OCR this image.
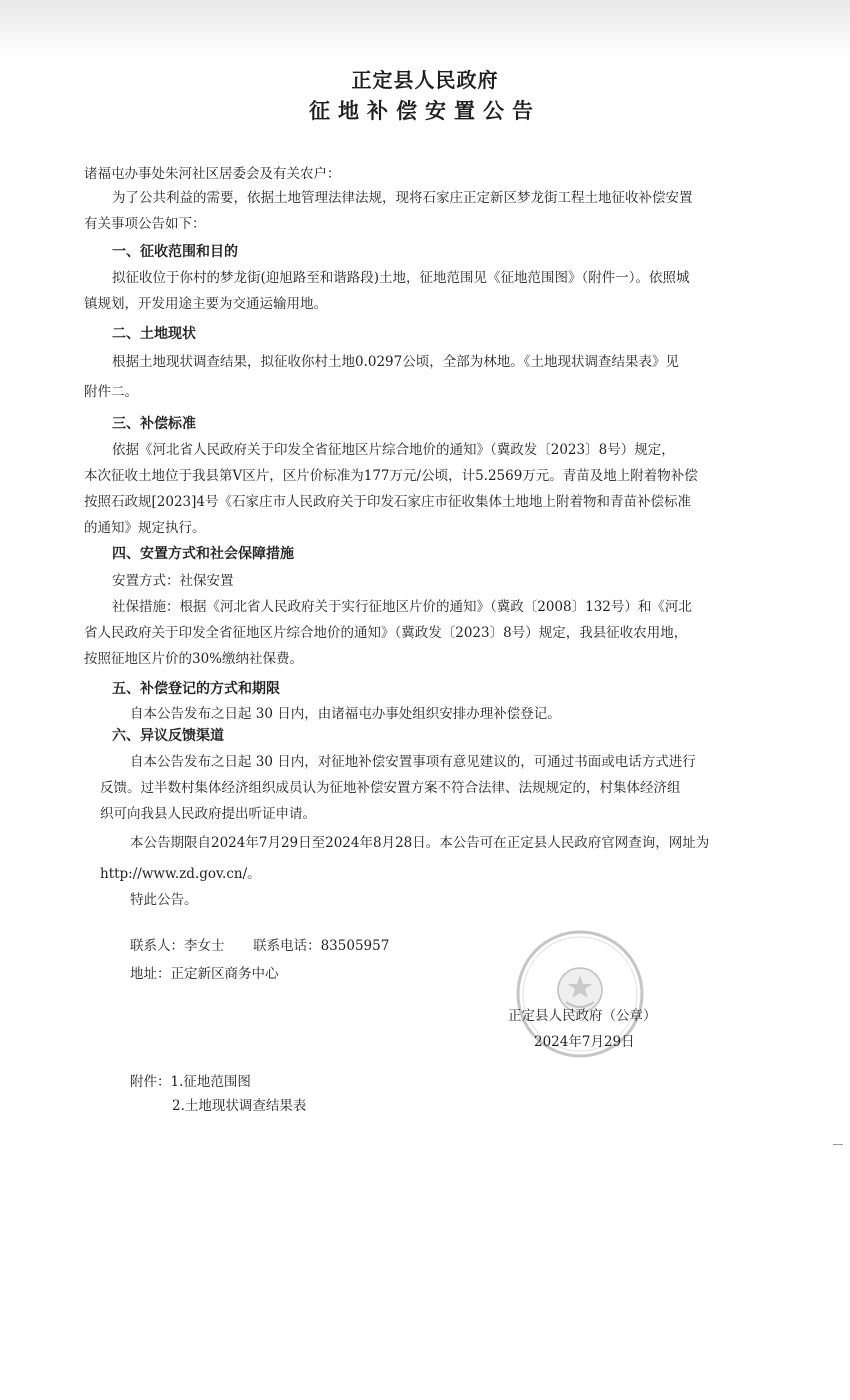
正定县人民政府
征地补偿安置公告
诸福屯办事处朱河社区居委会及有关农户：
为了公共利益的需要，依据土地管理法律法规，现将石家庄正定新区梦龙街工程土地征收补偿安置
有关事项公告如下：
一、征收范围和目的
拟征收位于你村的梦龙街(迎旭路至和谐路段)土地，征地范围见《征地范围图》（附件一）。依照城
镇规划，开发用途主要为交通运输用地。
二、土地现状
根据土地现状调查结果，拟征收你村土地0.0297公顷，全部为林地。《土地现状调查结果表》见
附件二。
三、补偿标准
依据《河北省人民政府关于印发全省征地区片综合地价的通知》（冀政发〔2023〕8号）规定，
本次征收土地位于我县第Ⅴ区片，区片价标准为177万元/公顷，计5.2569万元。青苗及地上附着物补偿
按照石政规[2023]4号《石家庄市人民政府关于印发石家庄市征收集体土地地上附着物和青苗补偿标准
的通知》规定执行。
四、安置方式和社会保障措施
安置方式：社保安置
社保措施：根据《河北省人民政府关于实行征地区片价的通知》（冀政〔2008〕132号）和《河北
省人民政府关于印发全省征地区片综合地价的通知》（冀政发〔2023〕8号）规定，我县征收农用地，
按照征地区片价的30%缴纳社保费。
五、补偿登记的方式和期限
自本公告发布之日起 30 日内，由诸福屯办事处组织安排办理补偿登记。
六、异议反馈渠道
自本公告发布之日起 30 日内，对征地补偿安置事项有意见建议的，可通过书面或电话方式进行
反馈。过半数村集体经济组织成员认为征地补偿安置方案不符合法律、法规规定的，村集体经济组
织可向我县人民政府提出听证申请。
本公告期限自2024年7月29日至2024年8月28日。本公告可在正定县人民政府官网查询，网址为
http://www.zd.gov.cn/。
特此公告。
联系人：李女士 联系电话：83505957
地址：正定新区商务中心
正定县人民政府（公章）
2024年7月29日
附件：1.征地范围图
2.土地现状调查结果表
